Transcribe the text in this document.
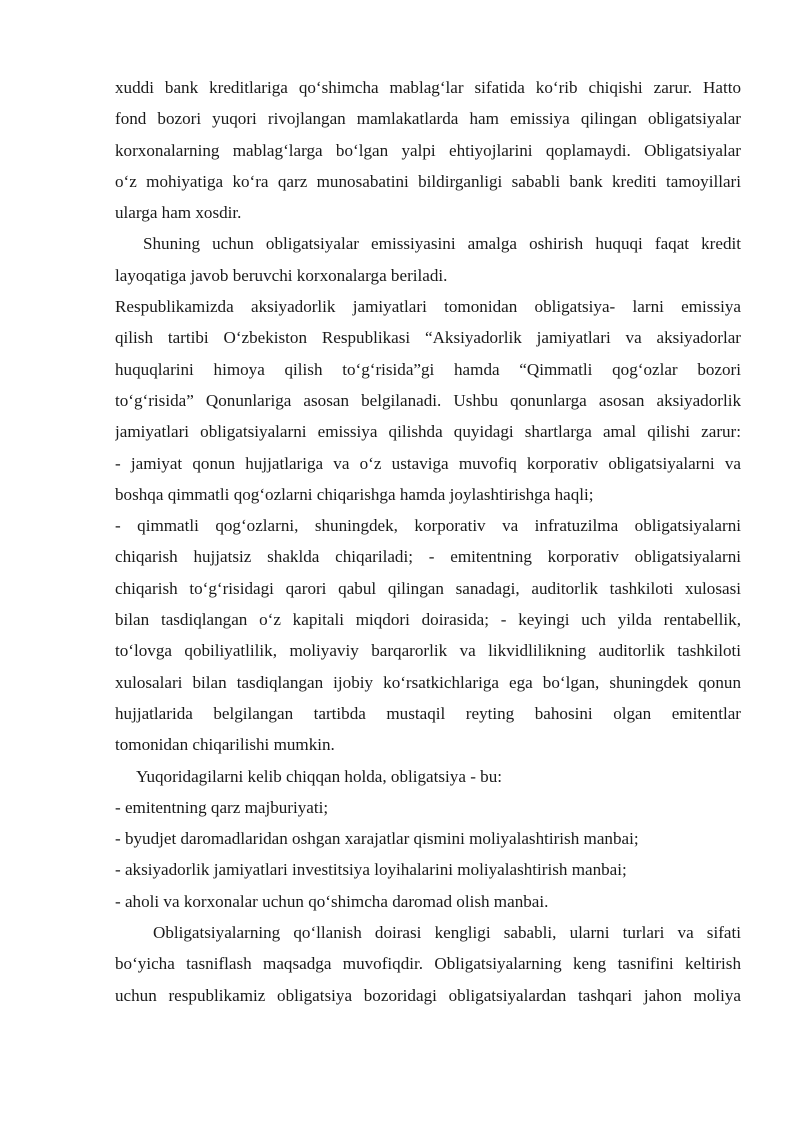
xuddi bank kreditlariga qo‘shimcha mablag‘lar sifatida ko‘rib chiqishi zarur. Hatto
fond bozori yuqori rivojlangan mamlakatlarda ham emissiya qilingan obligatsiyalar
korxonalarning mablag‘larga bo‘lgan yalpi ehtiyojlarini qoplamaydi. Obligatsiyalar
o‘z mohiyatiga ko‘ra qarz munosabatini bildirganligi sababli bank krediti tamoyillari
ularga ham xosdir.
Shuning uchun obligatsiyalar emissiyasini amalga oshirish huquqi faqat kredit
layoqatiga javob beruvchi korxonalarga beriladi.
Respublikamizda aksiyadorlik jamiyatlari tomonidan obligatsiya- larni emissiya
qilish tartibi O‘zbekiston Respublikasi “Aksiyadorlik jamiyatlari va aksiyadorlar
huquqlarini himoya qilish to‘g‘risida”gi hamda “Qimmatli qog‘ozlar bozori
to‘g‘risida” Qonunlariga asosan belgilanadi. Ushbu qonunlarga asosan aksiyadorlik
jamiyatlari obligatsiyalarni emissiya qilishda quyidagi shartlarga amal qilishi zarur:
- jamiyat qonun hujjatlariga va o‘z ustaviga muvofiq korporativ obligatsiyalarni va
boshqa qimmatli qog‘ozlarni chiqarishga hamda joylashtirishga haqli;
- qimmatli qog‘ozlarni, shuningdek, korporativ va infratuzilma obligatsiyalarni
chiqarish hujjatsiz shaklda chiqariladi; - emitentning korporativ obligatsiyalarni
chiqarish to‘g‘risidagi qarori qabul qilingan sanadagi, auditorlik tashkiloti xulosasi
bilan tasdiqlangan o‘z kapitali miqdori doirasida; - keyingi uch yilda rentabellik,
to‘lovga qobiliyatlilik, moliyaviy barqarorlik va likvidlilikning auditorlik tashkiloti
xulosalari bilan tasdiqlangan ijobiy ko‘rsatkichlariga ega bo‘lgan, shuningdek qonun
hujjatlarida belgilangan tartibda mustaqil reyting bahosini olgan emitentlar
tomonidan chiqarilishi mumkin.
Yuqoridagilarni kelib chiqqan holda, obligatsiya - bu:
- emitentning qarz majburiyati;
- byudjet daromadlaridan oshgan xarajatlar qismini moliyalashtirish manbai;
- aksiyadorlik jamiyatlari investitsiya loyihalarini moliyalashtirish manbai;
- aholi va korxonalar uchun qo‘shimcha daromad olish manbai.
Obligatsiyalarning qo‘llanish doirasi kengligi sababli, ularni turlari va sifati
bo‘yicha tasniflash maqsadga muvofiqdir. Obligatsiyalarning keng tasnifini keltirish
uchun respublikamiz obligatsiya bozoridagi obligatsiyalardan tashqari jahon moliya
